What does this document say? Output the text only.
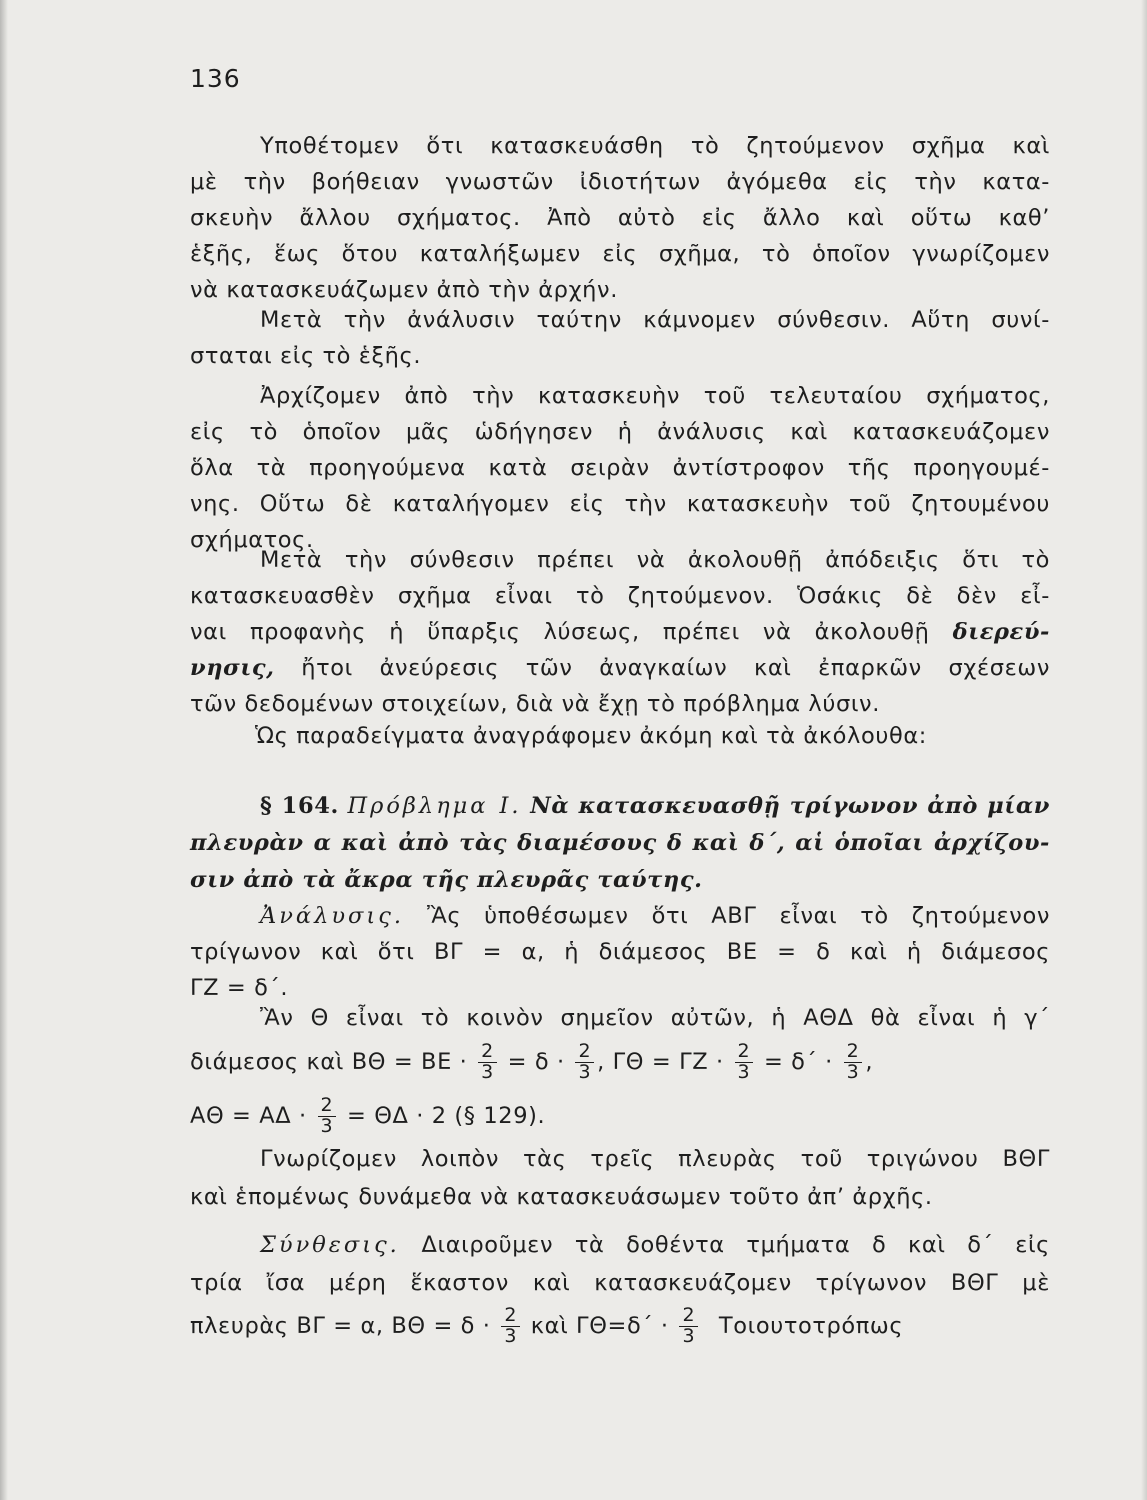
136
Υποθέτομεν ὅτι κατασκευάσθη τὸ ζητούμενον σχῆμα καὶ
μὲ τὴν βοήθειαν γνωστῶν ἰδιοτήτων ἀγόμεθα εἰς τὴν κατα-
σκευὴν ἄλλου σχήματος. Ἀπὸ αὐτὸ εἰς ἄλλο καὶ οὕτω καθ’
ἑξῆς, ἕως ὅτου καταλήξωμεν εἰς σχῆμα, τὸ ὁποῖον γνωρίζομεν
νὰ κατασκευάζωμεν ἀπὸ τὴν ἀρχήν.
Μετὰ τὴν ἀνάλυσιν ταύτην κάμνομεν σύνθεσιν. Αὕτη συνί-
σταται εἰς τὸ ἑξῆς.
Ἀρχίζομεν ἀπὸ τὴν κατασκευὴν τοῦ τελευταίου σχήματος,
εἰς τὸ ὁποῖον μᾶς ὡδήγησεν ἡ ἀνάλυσις καὶ κατασκευάζομεν
ὅλα τὰ προηγούμενα κατὰ σειρὰν ἀντίστροφον τῆς προηγουμέ-
νης. Οὕτω δὲ καταλήγομεν εἰς τὴν κατασκευὴν τοῦ ζητουμένου
σχήματος.
Μετὰ τὴν σύνθεσιν πρέπει νὰ ἀκολουθῇ ἀπόδειξις ὅτι τὸ
κατασκευασθὲν σχῆμα εἶναι τὸ ζητούμενον. Ὁσάκις δὲ δὲν εἶ-
ναι προφανὴς ἡ ὕπαρξις λύσεως, πρέπει νὰ ἀκολουθῇ διερεύ-
νησις, ἤτοι ἀνεύρεσις τῶν ἀναγκαίων καὶ ἐπαρκῶν σχέσεων
τῶν δεδομένων στοιχείων, διὰ νὰ ἔχῃ τὸ πρόβλημα λύσιν.
Ὡς παραδείγματα ἀναγράφομεν ἀκόμη καὶ τὰ ἀκόλουθα:
§ 164. Πρόβλημα Ι. Νὰ κατασκευασθῇ τρίγωνον ἀπὸ μίαν
πλευρὰν α καὶ ἀπὸ τὰς διαμέσους δ καὶ δ΄, αἱ ὁποῖαι ἀρχίζου-
σιν ἀπὸ τὰ ἄκρα τῆς πλευρᾶς ταύτης.
Ἀνάλυσις. Ἂς ὑποθέσωμεν ὅτι ΑΒΓ εἶναι τὸ ζητούμενον
τρίγωνον καὶ ὅτι ΒΓ = α, ἡ διάμεσος ΒΕ = δ καὶ ἡ διάμεσος
ΓΖ = δ΄.
Ἂν Θ εἶναι τὸ κοινὸν σημεῖον αὐτῶν, ἡ ΑΘΔ θὰ εἶναι ἡ γ΄
διάμεσος καὶ $B\Theta = BE \cdot \frac{2}{3} = \delta \cdot \frac{2}{3}$ , $\Gamma\Theta = \Gamma Z \cdot \frac{2}{3} = \delta΄ \cdot \frac{2}{3}$ ,
$A\Theta = A\Delta \cdot \frac{2}{3} = \Theta\Delta \cdot 2$ (§ 129).
Γνωρίζομεν λοιπὸν τὰς τρεῖς πλευρὰς τοῦ τριγώνου ΒΘΓ
καὶ ἑπομένως δυνάμεθα νὰ κατασκευάσωμεν τοῦτο ἀπ’ ἀρχῆς.
Σύνθεσις. Διαιροῦμεν τὰ δοθέντα τμήματα δ καὶ δ΄ εἰς
τρία ἴσα μέρη ἕκαστον καὶ κατασκευάζομεν τρίγωνον ΒΘΓ μὲ
πλευρὰς ΒΓ = α, $B\Theta = \delta \cdot \frac{2}{3}$ καὶ $\Gamma\Theta=\delta΄ \cdot \frac{2}{3}$ Τοιουτοτρόπως
